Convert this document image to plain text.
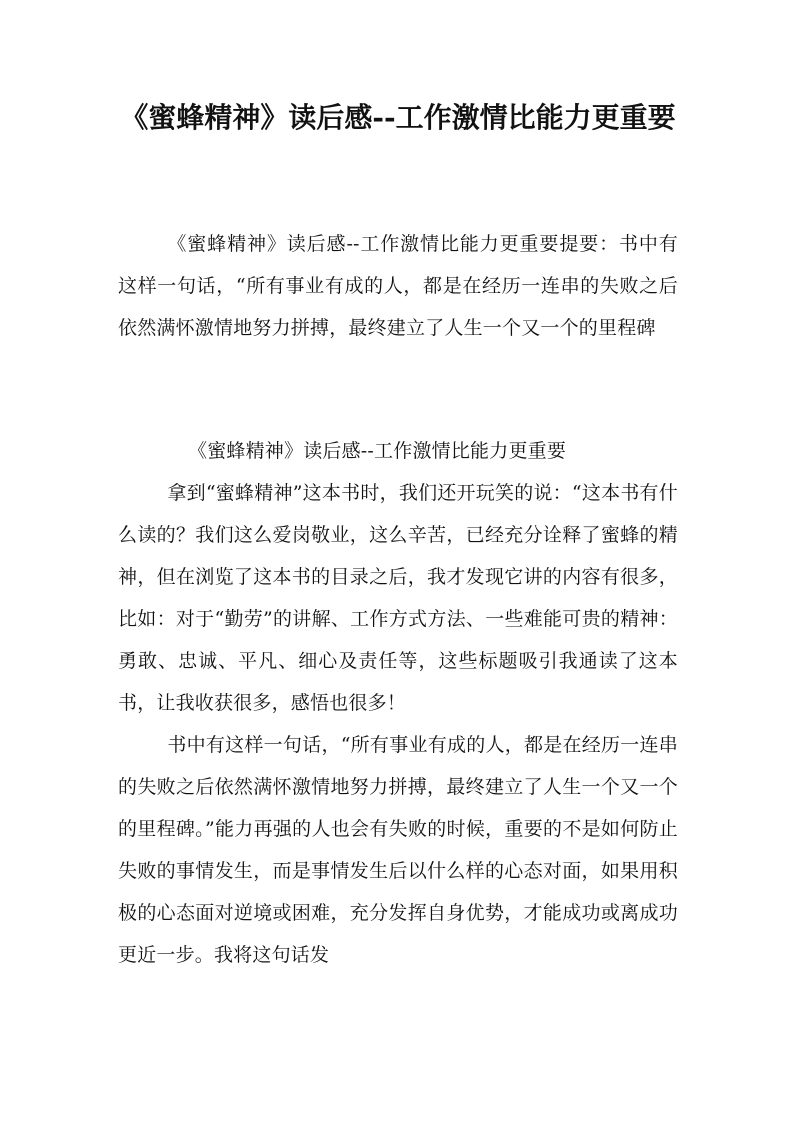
《蜜蜂精神》读后感--工作激情比能力更重要

《蜜蜂精神》读后感--工作激情比能力更重要提要：书中有这样一句话，“所有事业有成的人，都是在经历一连串的失败之后依然满怀激情地努力拼搏，最终建立了人生一个又一个的里程碑

《蜜蜂精神》读后感--工作激情比能力更重要

拿到“蜜蜂精神”这本书时，我们还开玩笑的说：“这本书有什么读的？我们这么爱岗敬业，这么辛苦，已经充分诠释了蜜蜂的精神，但在浏览了这本书的目录之后，我才发现它讲的内容有很多，比如：对于“勤劳”的讲解、工作方式方法、一些难能可贵的精神：勇敢、忠诚、平凡、细心及责任等，这些标题吸引我通读了这本书，让我收获很多，感悟也很多！

书中有这样一句话，“所有事业有成的人，都是在经历一连串的失败之后依然满怀激情地努力拼搏，最终建立了人生一个又一个的里程碑。”能力再强的人也会有失败的时候，重要的不是如何防止失败的事情发生，而是事情发生后以什么样的心态对面，如果用积极的心态面对逆境或困难，充分发挥自身优势，才能成功或离成功更近一步。我将这句话发
